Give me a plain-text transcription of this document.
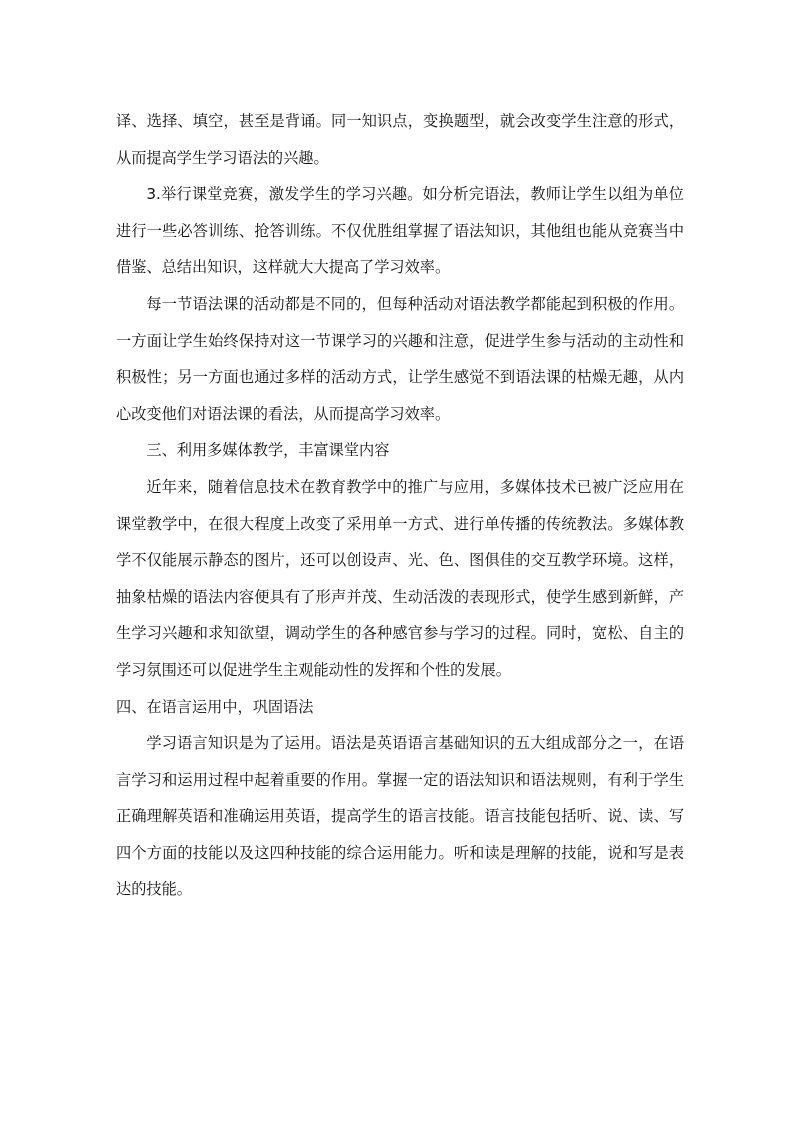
译、选择、填空，甚至是背诵。同一知识点，变换题型，就会改变学生注意的形式，从而提高学生学习语法的兴趣。

3.举行课堂竞赛，激发学生的学习兴趣。如分析完语法，教师让学生以组为单位进行一些必答训练、抢答训练。不仅优胜组掌握了语法知识，其他组也能从竞赛当中借鉴、总结出知识，这样就大大提高了学习效率。

每一节语法课的活动都是不同的，但每种活动对语法教学都能起到积极的作用。一方面让学生始终保持对这一节课学习的兴趣和注意，促进学生参与活动的主动性和积极性；另一方面也通过多样的活动方式，让学生感觉不到语法课的枯燥无趣，从内心改变他们对语法课的看法，从而提高学习效率。

三、利用多媒体教学，丰富课堂内容

近年来，随着信息技术在教育教学中的推广与应用，多媒体技术已被广泛应用在课堂教学中，在很大程度上改变了采用单一方式、进行单传播的传统教法。多媒体教学不仅能展示静态的图片，还可以创设声、光、色、图俱佳的交互教学环境。这样，抽象枯燥的语法内容便具有了形声并茂、生动活泼的表现形式，使学生感到新鲜，产生学习兴趣和求知欲望，调动学生的各种感官参与学习的过程。同时，宽松、自主的学习氛围还可以促进学生主观能动性的发挥和个性的发展。

四、在语言运用中，巩固语法

学习语言知识是为了运用。语法是英语语言基础知识的五大组成部分之一，在语言学习和运用过程中起着重要的作用。掌握一定的语法知识和语法规则，有利于学生正确理解英语和准确运用英语，提高学生的语言技能。语言技能包括听、说、读、写四个方面的技能以及这四种技能的综合运用能力。听和读是理解的技能，说和写是表达的技能。
